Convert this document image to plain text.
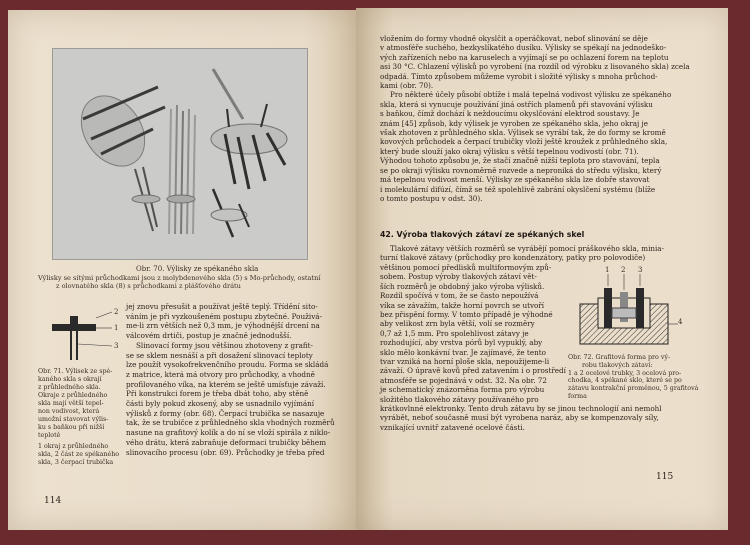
Obr. 70. Výlisky ze spékaného skla
Výlisky se sítými průchodkami jsou z molybdenového skla (5) s Mo-průchody, ostatní
z olovnatého skla (8) s průchodkami z plášťového drátu
2
1
3
Obr. 71. Výlisek ze spé-
kaného skla s okrají
z průhledného skla.
Okraje z průhledného
skla mají větší tepel-
non vodivost, která
umožní stavovat výlis-
ku s baňkou při nižší
teplotě
1 okraj z průhledného
skla, 2 část ze spékaného
skla, 3 čerpací trubička

jej znovu přesušit a používat ještě teplý. Třídění sito-

váním je při vyzkoušeném postupu zbytečné. Použivá-

me-li zrn větších než 0,3 mm, je výhodnější drcení na

válcovém drtiči, postup je značně jednodušší.

Slinovací formy jsou většinou zhotoveny z grafit-

se se sklem nesnáší a při dosažení slinovací teploty

lze použít vysokofrekvenčního proudu. Forma se skládá

z matrice, která má otvory pro průchodky, a vhodně

profilovaného víka, na kterém se ještě umísťuje závaží.

Při konstrukci forem je třeba dbát toho, aby stěně

části byly pokud zkosený, aby se usnadnilo vyjímání

výlisků z formy (obr. 68). Čerpací trubička se nasazuje

tak, že se trubičce z průhledného skla vhodných rozměrů

nasune na grafitový kolík a do ní se vloží spirála z niklo-

vého drátu, která zabraňuje deformaci trubičky během

slinovacího procesu (obr. 69). Průchodky je třeba před

114

vložením do formy vhodně okyslčit a operáčkovat, neboť slinování se děje

v atmosféře suchého, bezkyslíkatého dusíku. Výlisky se spékají na jednodeško-

vých zařízeních nebo na karuselech a vyjímají se po ochlazení forem na teplotu

asi 30 °C. Chlazení výlisků po vyrobení (na rozdíl od výrobku z lisovaného skla) zcela

odpadá. Tímto způsobem můžeme vyrobit i složité výlisky s mnoha průchod-

kami (obr. 70).

Pro některé účely působí obtíže i malá tepelná vodivost výlisku ze spékaného

skla, která si vynucuje používání jiná ostřích plamenů při stavování výlisku

s baňkou, čímž dochází k neždoucímu okyslčování elektrod soustavy. Je

znám [45] způsob, kdy výlisek je vyroben ze spékaného skla, jeho okraj je

však zhotoven z průhledného skla. Výlisek se vyrábí tak, že do formy se kromě

kovových průchodek a čerpací trubičky vloží ještě kroužek z průhledného skla,

který bude slouží jako okraj výlisku s větší tepelnou vodivostí (obr. 71).

Výhodou tohoto způsobu je, že stačí značně nižší teplota pro stavování, tepla

se po okraji výlisku rovnoměrně rozvede a neproniká do středu výlisku, který

má tepelnou vodivost menší. Výlisky ze spékaného skla lze dobře stavovat

i molekulární difúzí, čímž se též spolehlivě zabrání okyslčení systému (blíže

o tomto postupu v odst. 30).

42. Výroba tlakových zátaví ze spékaných skel

Tlakové zátavy větších rozměrů se vyrábějí pomocí práškového skla, minia-

turní tlakové zátavy (průchodky pro kondenzátory, patky pro polovodiče)

většinou pomocí předlisků multiformovým způ-

sobem. Postup výroby tlakových zátaví vět-

ších rozměrů je obdobný jako výroba výlisků.

Rozdíl spočívá v tom, že se často nepoužívá

víka se závažím, takže horní povrch se utvoří

bez přispění formy. V tomto případě je výhodné

aby velikost zrn byla větší, volí se rozměry

0,7 až 1,5 mm. Pro spolehlivost zátavy je

rozhodující, aby vrstva pórů byl vypuklý, aby

sklo mělo konkávní tvar. Je zajímavé, že tento

tvar vzniká na horní ploše skla, nepoužijeme-li

závaží. O úpravě kovů před zatavením i o prostředí

atmosféře se pojednává v odst. 32. Na obr. 72

je schematický znázorněna forma pro výrobu

složitého tlakového zátavy používaného pro

krátkovlnné elektronky. Tento druh zátavu by se jinou technologií ani nemohl

vyrábět, neboť současně musí být vyrobena naráz, aby se kompenzovaly síly,

vznikající uvnitř zatavené ocelové části.

1 2 3
4
Obr. 72. Grafitová forma pro vý-
robu tlakových zátaví:
1 a 2 ocelové trubky, 3 ocelová pro-
chodka, 4 spékané sklo, které se po
zátavu kontrakční proměnou, 5 grafitová
forma
115
